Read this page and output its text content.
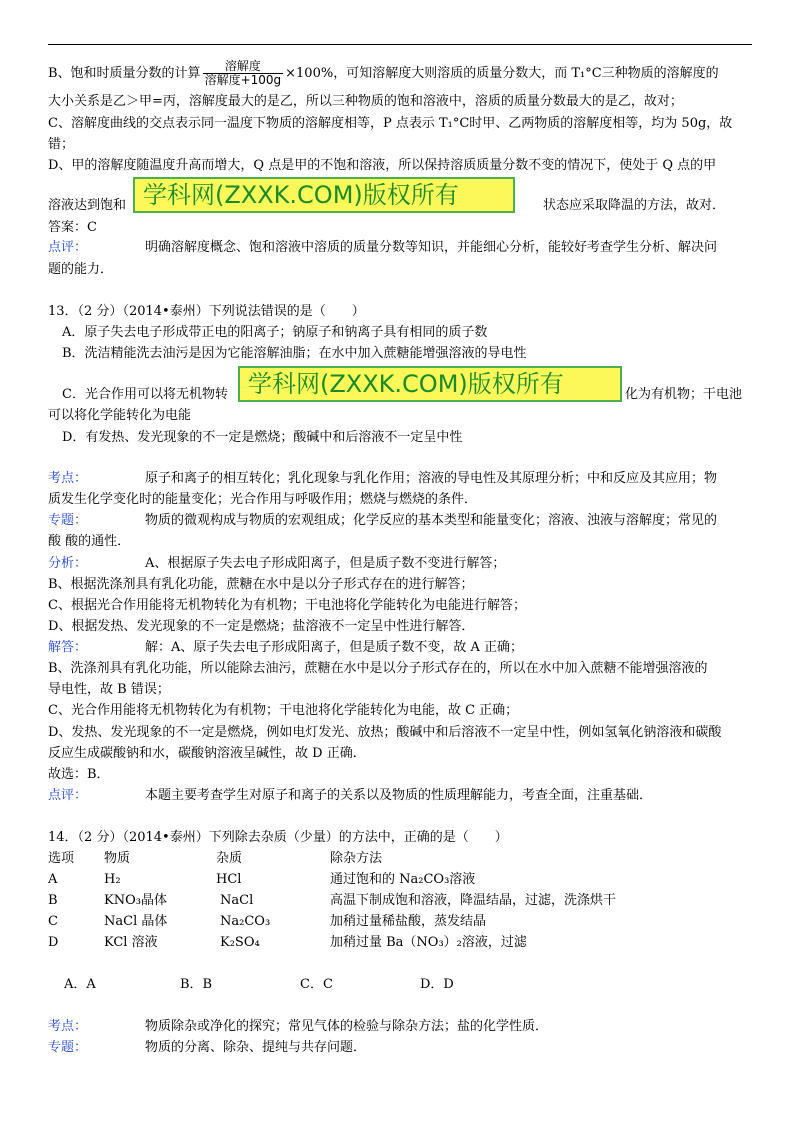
B、饱和时质量分数的计算 $\frac{\text{溶解度}}{\text{溶解度+100g}} \times 100\%$，可知溶解度大则溶质的质量分数大，而 T₁°C三种物质的溶解度的
大小关系是乙＞甲=丙，溶解度最大的是乙，所以三种物质的饱和溶液中，溶质的质量分数最大的是乙，故对；
C、溶解度曲线的交点表示同一温度下物质的溶解度相等，P 点表示 T₁°C时甲、乙两物质的溶解度相等，均为 50g，故
错；
D、甲的溶解度随温度升高而增大，Q 点是甲的不饱和溶液，所以保持溶质质量分数不变的情况下，使处于 Q 点的甲
溶液达到饱和	状态应采取降温的方法，故对．
学科网(ZXXK.COM)版权所有
答案：C
点评：	明确溶解度概念、饱和溶液中溶质的质量分数等知识，并能细心分析，能较好考查学生分析、解决问
题的能力．
13．（2 分）（2014•泰州）下列说法错误的是（　　）
A．原子失去电子形成带正电的阳离子；钠原子和钠离子具有相同的质子数
B．洗洁精能洗去油污是因为它能溶解油脂；在水中加入蔗糖能增强溶液的导电性
C．光合作用可以将无机物转	化为有机物；干电池
学科网(ZXXK.COM)版权所有
可以将化学能转化为电能
D．有发热、发光现象的不一定是燃烧；酸碱中和后溶液不一定呈中性
考点：	原子和离子的相互转化；乳化现象与乳化作用；溶液的导电性及其原理分析；中和反应及其应用；物
质发生化学变化时的能量变化；光合作用与呼吸作用；燃烧与燃烧的条件．
专题：	物质的微观构成与物质的宏观组成；化学反应的基本类型和能量变化；溶液、浊液与溶解度；常见的
酸 酸的通性．
分析：	A、根据原子失去电子形成阳离子，但是质子数不变进行解答；
B、根据洗涤剂具有乳化功能，蔗糖在水中是以分子形式存在的进行解答；
C、根据光合作用能将无机物转化为有机物；干电池将化学能转化为电能进行解答；
D、根据发热、发光现象的不一定是燃烧；盐溶液不一定呈中性进行解答．
解答：	解：A、原子失去电子形成阳离子，但是质子数不变，故 A 正确；
B、洗涤剂具有乳化功能，所以能除去油污，蔗糖在水中是以分子形式存在的，所以在水中加入蔗糖不能增强溶液的
导电性，故 B 错误；
C、光合作用能将无机物转化为有机物；干电池将化学能转化为电能，故 C 正确；
D、发热、发光现象的不一定是燃烧，例如电灯发光、放热；酸碱中和后溶液不一定呈中性，例如氢氧化钠溶液和碳酸
反应生成碳酸钠和水，碳酸钠溶液呈碱性，故 D 正确．
故选：B．
点评：	本题主要考查学生对原子和离子的关系以及物质的性质理解能力，考查全面，注重基础．
14．（2 分）（2014•泰州）下列除去杂质（少量）的方法中，正确的是（　　）
选项 物质	杂质	除杂方法
A	H₂	HCl	通过饱和的 Na₂CO₃溶液
B	KNO₃晶体	NaCl	高温下制成饱和溶液，降温结晶，过滤，洗涤烘干
C	NaCl 晶体	Na₂CO₃	加稍过量稀盐酸，蒸发结晶
D	KCl 溶液	K₂SO₄	加稍过量 Ba（NO₃）₂溶液，过滤
A．A	B．B	C．C	D．D
考点：	物质除杂或净化的探究；常见气体的检验与除杂方法；盐的化学性质．
专题：	物质的分离、除杂、提纯与共存问题．
